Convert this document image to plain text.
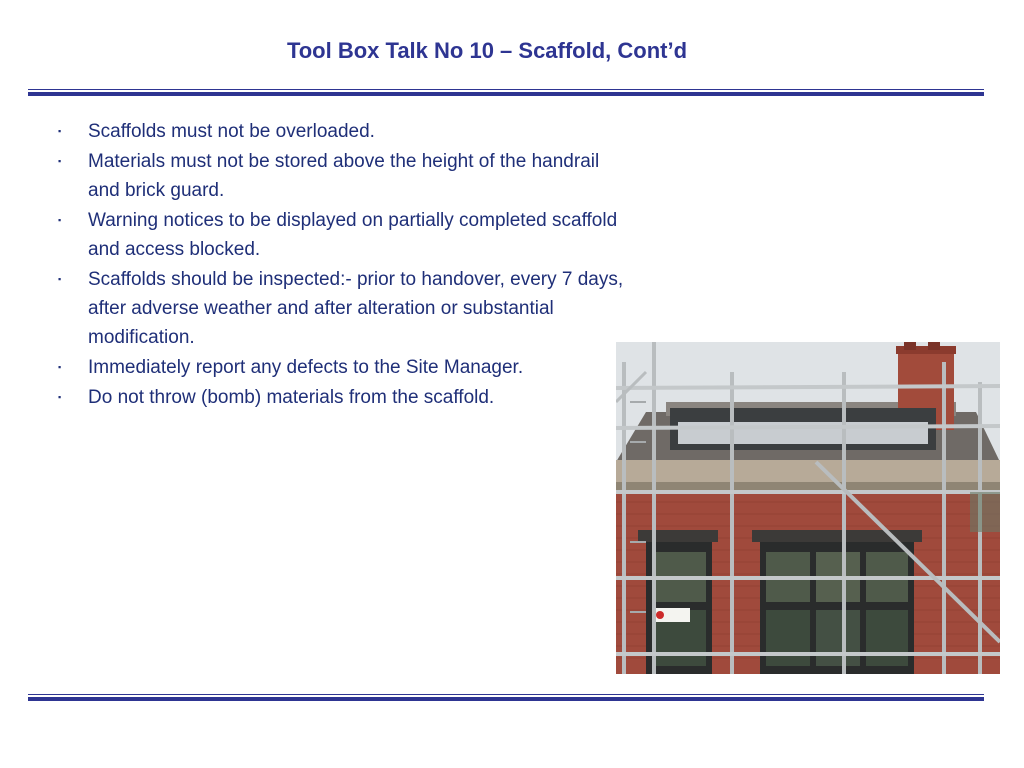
Tool Box Talk No 10 – Scaffold, Cont’d
▪ Scaffolds must not be overloaded.
▪ Materials must not be stored above the height of the handrail and brick guard.
▪ Warning notices to be displayed on partially completed scaffold and access blocked.
▪ Scaffolds should be inspected:- prior to handover, every 7 days, after adverse weather and after alteration or substantial modification.
▪ Immediately report any defects to the Site Manager.
▪ Do not throw (bomb) materials from the scaffold.
